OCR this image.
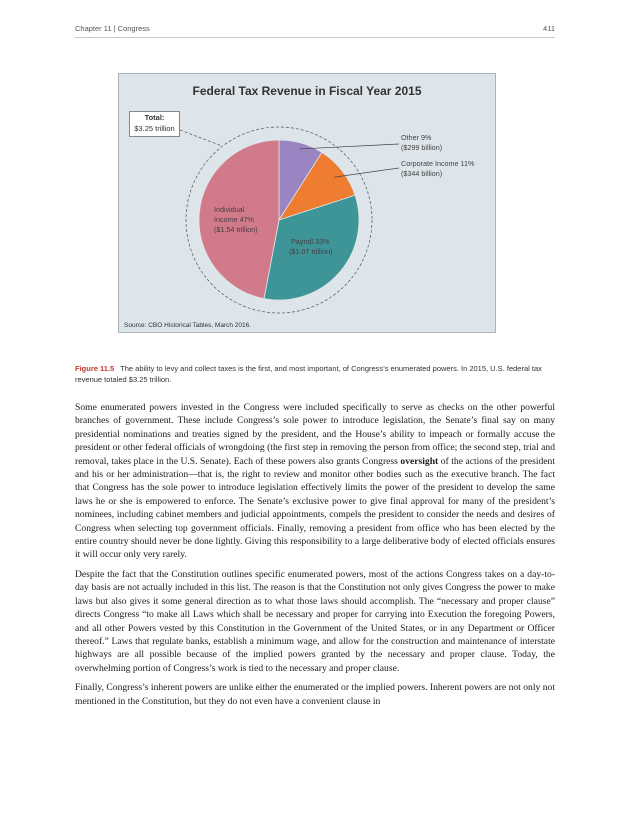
Chapter 11 | Congress	411
Federal Tax Revenue in Fiscal Year 2015
Other 9%
($299 billion)
Corporate Income 11%
($344 billion)
Payroll 33%
($1.07 trillion)
Individual
Income 47%
($1.54 trillion)
Total:
$3.25 trillion
Source: CBO Historical Tables, March 2016.
Figure 11.5 The ability to levy and collect taxes is the first, and most important, of Congress’s enumerated powers. In 2015, U.S. federal tax revenue totaled $3.25 trillion.

Some enumerated powers invested in the Congress were included specifically to serve as checks on the other powerful branches of government. These include Congress’s sole power to introduce legislation, the Senate’s final say on many presidential nominations and treaties signed by the president, and the House’s ability to impeach or formally accuse the president or other federal officials of wrongdoing (the first step in removing the person from office; the second step, trial and removal, takes place in the U.S. Senate). Each of these powers also grants Congress oversight of the actions of the president and his or her administration—that is, the right to review and monitor other bodies such as the executive branch. The fact that Congress has the sole power to introduce legislation effectively limits the power of the president to develop the same laws he or she is empowered to enforce. The Senate’s exclusive power to give final approval for many of the president’s nominees, including cabinet members and judicial appointments, compels the president to consider the needs and desires of Congress when selecting top government officials. Finally, removing a president from office who has been elected by the entire country should never be done lightly. Giving this responsibility to a large deliberative body of elected officials ensures it will occur only very rarely.

Despite the fact that the Constitution outlines specific enumerated powers, most of the actions Congress takes on a day-to-day basis are not actually included in this list. The reason is that the Constitution not only gives Congress the power to make laws but also gives it some general direction as to what those laws should accomplish. The “necessary and proper clause” directs Congress “to make all Laws which shall be necessary and proper for carrying into Execution the foregoing Powers, and all other Powers vested by this Constitution in the Government of the United States, or in any Department or Officer thereof.” Laws that regulate banks, establish a minimum wage, and allow for the construction and maintenance of interstate highways are all possible because of the implied powers granted by the necessary and proper clause. Today, the overwhelming portion of Congress’s work is tied to the necessary and proper clause.

Finally, Congress’s inherent powers are unlike either the enumerated or the implied powers. Inherent powers are not only not mentioned in the Constitution, but they do not even have a convenient clause in
